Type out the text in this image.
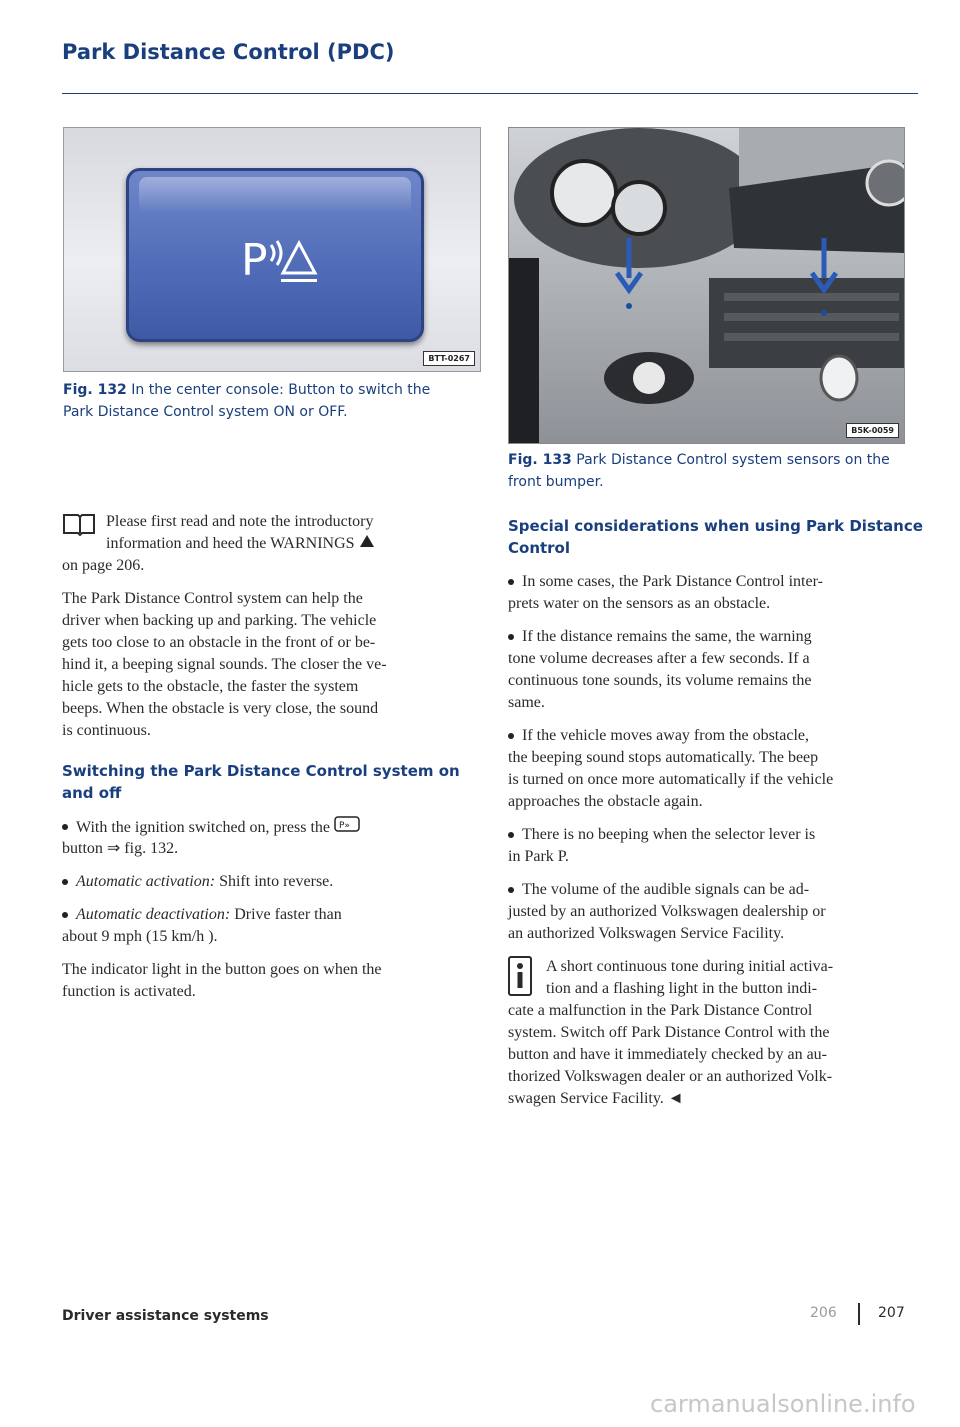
Park Distance Control (PDC)
P
BTT-0267
Fig. 132 In the center console: Button to switch the
Park Distance Control system ON or OFF.
B5K-0059
Fig. 133 Park Distance Control system sensors on the
front bumper.
Please first read and note the introductory
information and heed the WARNINGS
on page 206.
The Park Distance Control system can help the
driver when backing up and parking. The vehicle
gets too close to an obstacle in the front of or be-
hind it, a beeping signal sounds. The closer the ve-
hicle gets to the obstacle, the faster the system
beeps. When the obstacle is very close, the sound
is continuous.
Switching the Park Distance Control system on
and off
With the ignition switched on, press the P»
button ⇒ fig. 132.
Automatic activation: Shift into reverse.
Automatic deactivation: Drive faster than
about 9 mph (15 km/h ).
The indicator light in the button goes on when the
function is activated.
Special considerations when using Park Distance
Control
In some cases, the Park Distance Control inter-
prets water on the sensors as an obstacle.
If the distance remains the same, the warning
tone volume decreases after a few seconds. If a
continuous tone sounds, its volume remains the
same.
If the vehicle moves away from the obstacle,
the beeping sound stops automatically. The beep
is turned on once more automatically if the vehicle
approaches the obstacle again.
There is no beeping when the selector lever is
in Park P.
The volume of the audible signals can be ad-
justed by an authorized Volkswagen dealership or
an authorized Volkswagen Service Facility.
A short continuous tone during initial activa-
tion and a flashing light in the button indi-
cate a malfunction in the Park Distance Control
system. Switch off Park Distance Control with the
button and have it immediately checked by an au-
thorized Volkswagen dealer or an authorized Volk-
swagen Service Facility. ◄
Driver assistance systems	206	207
carmanualsonline.info
